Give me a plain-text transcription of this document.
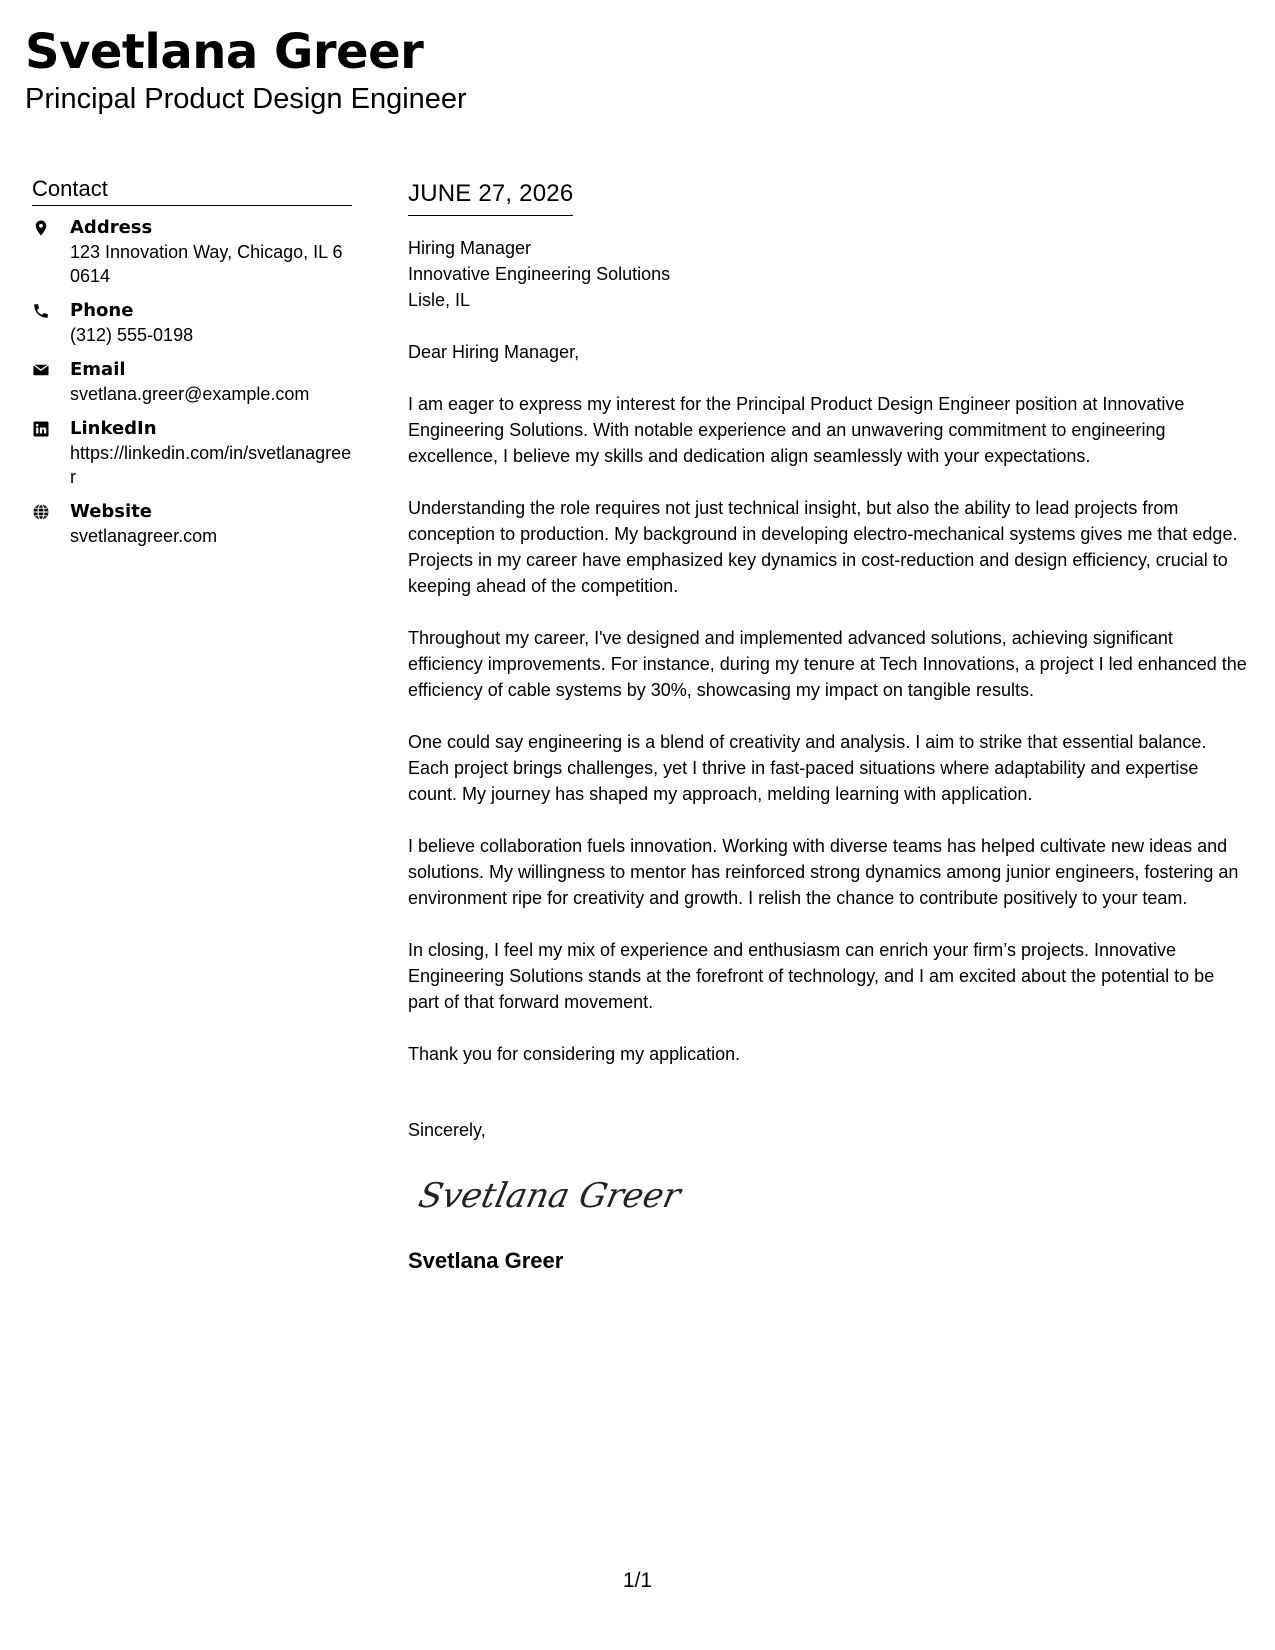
Svetlana Greer
Principal Product Design Engineer
Contact
Address
123 Innovation Way, Chicago, IL 60614
Phone
(312) 555-0198
Email
svetlana.greer@example.com
LinkedIn
https://linkedin.com/in/svetlanagreer
Website
svetlanagreer.com
JUNE 27, 2026
Hiring Manager
Innovative Engineering Solutions
Lisle, IL
Dear Hiring Manager,

I am eager to express my interest for the Principal Product Design Engineer position at Innovative Engineering Solutions. With notable experience and an unwavering commitment to engineering excellence, I believe my skills and dedication align seamlessly with your expectations.

Understanding the role requires not just technical insight, but also the ability to lead projects from conception to production. My background in developing electro-mechanical systems gives me that edge. Projects in my career have emphasized key dynamics in cost-reduction and design efficiency, crucial to keeping ahead of the competition.

Throughout my career, I've designed and implemented advanced solutions, achieving significant efficiency improvements. For instance, during my tenure at Tech Innovations, a project I led enhanced the efficiency of cable systems by 30%, showcasing my impact on tangible results.

One could say engineering is a blend of creativity and analysis. I aim to strike that essential balance. Each project brings challenges, yet I thrive in fast-paced situations where adaptability and expertise count. My journey has shaped my approach, melding learning with application.

I believe collaboration fuels innovation. Working with diverse teams has helped cultivate new ideas and solutions. My willingness to mentor has reinforced strong dynamics among junior engineers, fostering an environment ripe for creativity and growth. I relish the chance to contribute positively to your team.

In closing, I feel my mix of experience and enthusiasm can enrich your firm’s projects. Innovative Engineering Solutions stands at the forefront of technology, and I am excited about the potential to be part of that forward movement.

Thank you for considering my application.

Sincerely,
Svetlana Greer
Svetlana Greer
1/1
